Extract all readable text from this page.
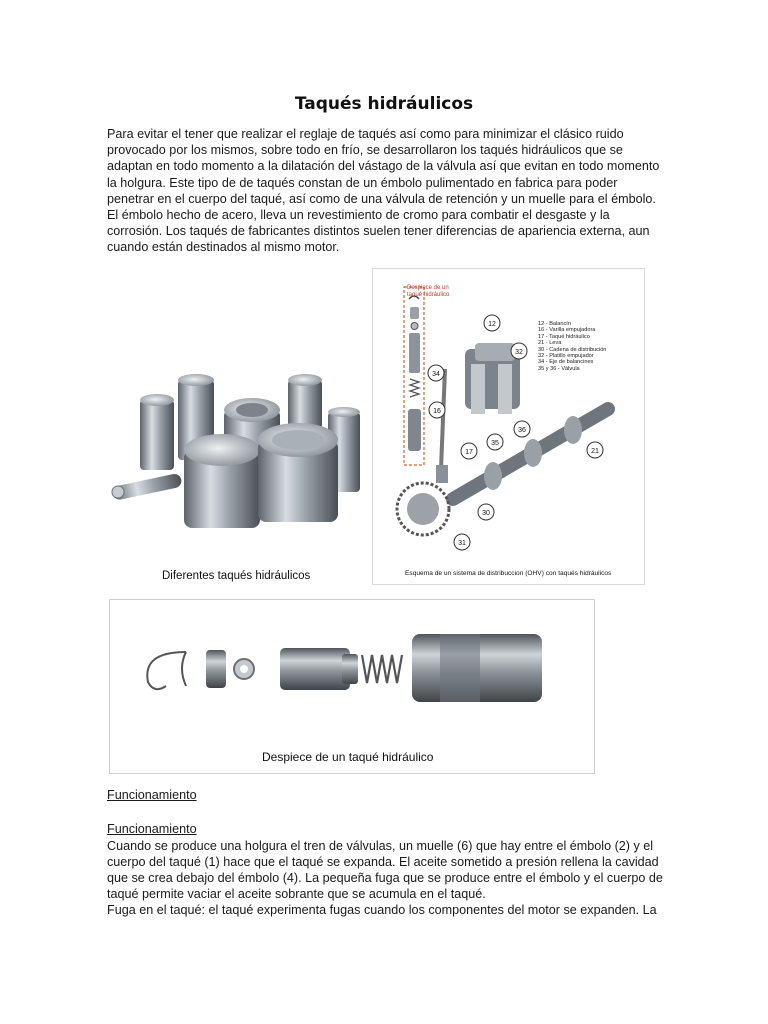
Taqués hidráulicos
Para evitar el tener que realizar el reglaje de taqués así como para minimizar el clásico ruido
provocado por los mismos, sobre todo en frío, se desarrollaron los taqués hidráulicos que se
adaptan en todo momento a la dilatación del vástago de la válvula así que evitan en todo momento
la holgura. Este tipo de de taqués constan de un émbolo pulimentado en fabrica para poder
penetrar en el cuerpo del taqué, así como de una válvula de retención y un muelle para el émbolo.
El émbolo hecho de acero, lleva un revestimiento de cromo para combatir el desgaste y la
corrosión. Los taqués de fabricantes distintos suelen tener diferencias de apariencia externa, aun
cuando están destinados al mismo motor.
Diferentes taqués hidráulicos
12
32
34
16
35
36
17	21
30
31
Despiece de un
taqué hidráulico
12 - Balancín
16 - Varilla empujadora
17 - Taqué hidráulico
21 - Leva
30 - Cadena de distribución
32 - Platillo empujador
34 - Eje de balancines
35 y 36 - Válvula
Esquema de un sistema de distribuccion (OHV) con taqués hidráulicos
Despiece de un taqué hidráulico
Funcionamiento
Funcionamiento
Cuando se produce una holgura el tren de válvulas, un muelle (6) que hay entre el émbolo (2) y el
cuerpo del taqué (1) hace que el taqué se expanda. El aceite sometido a presión rellena la cavidad
que se crea debajo del émbolo (4). La pequeña fuga que se produce entre el émbolo y el cuerpo de
taqué permite vaciar el aceite sobrante que se acumula en el taqué.
Fuga en el taqué: el taqué experimenta fugas cuando los componentes del motor se expanden. La
